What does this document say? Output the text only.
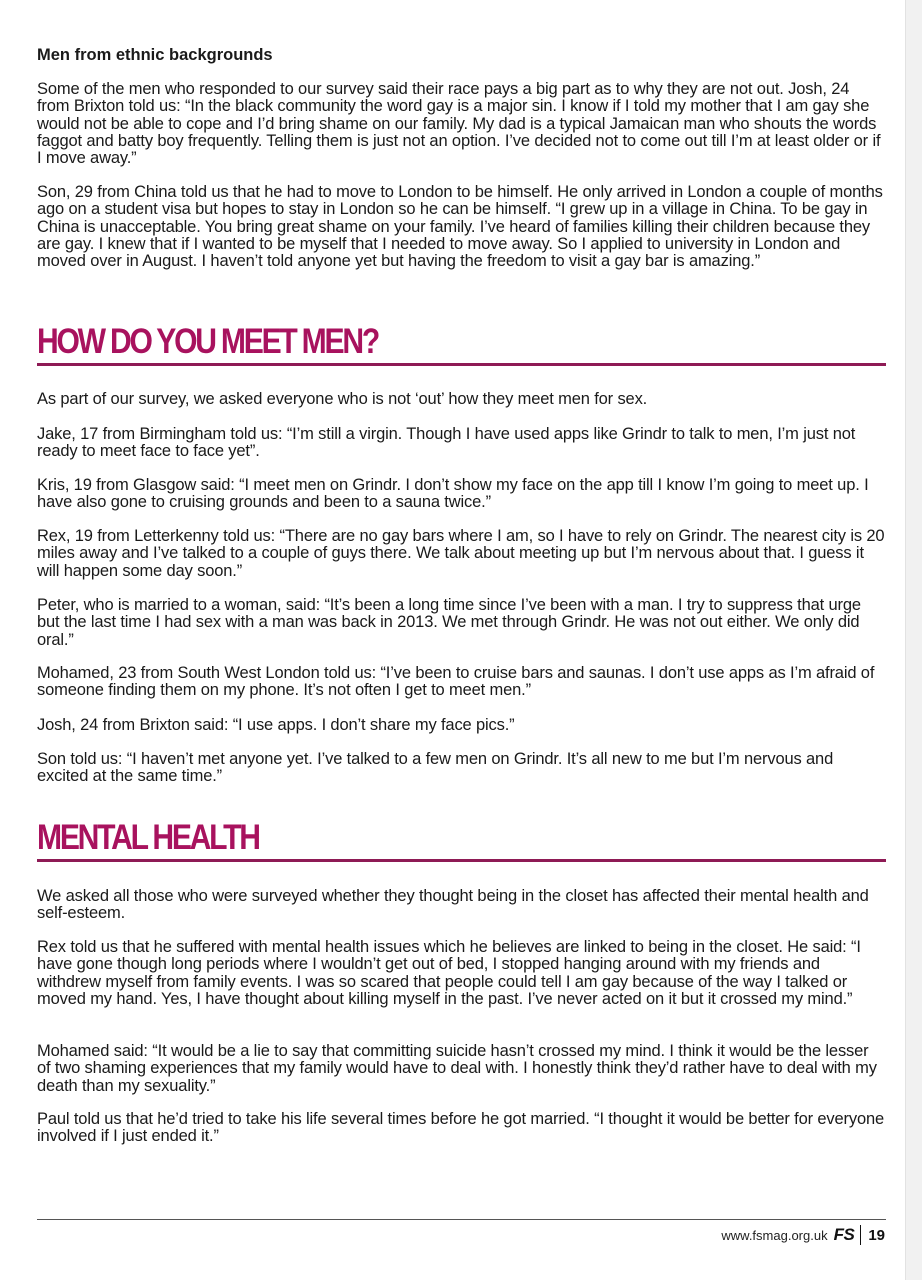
Men from ethnic backgrounds

Some of the men who responded to our survey said their race pays a big part as to why they are not out. Josh, 24 from Brixton told us: “In the black community the word gay is a major sin. I know if I told my mother that I am gay she would not be able to cope and I’d bring shame on our family. My dad is a typical Jamaican man who shouts the words faggot and batty boy frequently. Telling them is just not an option. I’ve decided not to come out till I’m at least older or if I move away.”

Son, 29 from China told us that he had to move to London to be himself. He only arrived in London a couple of months ago on a student visa but hopes to stay in London so he can be himself. “I grew up in a village in China. To be gay in China is unacceptable. You bring great shame on your family. I’ve heard of families killing their children because they are gay. I knew that if I wanted to be myself that I needed to move away. So I applied to university in London and moved over in August. I haven’t told anyone yet but having the freedom to visit a gay bar is amazing.”

HOW DO YOU MEET MEN?

As part of our survey, we asked everyone who is not ‘out’ how they meet men for sex.

Jake, 17 from Birmingham told us: “I’m still a virgin. Though I have used apps like Grindr to talk to men, I’m just not ready to meet face to face yet”.

Kris, 19 from Glasgow said: “I meet men on Grindr. I don’t show my face on the app till I know I’m going to meet up. I have also gone to cruising grounds and been to a sauna twice.”

Rex, 19 from Letterkenny told us: “There are no gay bars where I am, so I have to rely on Grindr. The nearest city is 20 miles away and I’ve talked to a couple of guys there. We talk about meeting up but I’m nervous about that. I guess it will happen some day soon.”

Peter, who is married to a woman, said: “It’s been a long time since I’ve been with a man. I try to suppress that urge but the last time I had sex with a man was back in 2013. We met through Grindr. He was not out either. We only did oral.”

Mohamed, 23 from South West London told us: “I’ve been to cruise bars and saunas. I don’t use apps as I’m afraid of someone finding them on my phone. It’s not often I get to meet men.”

Josh, 24 from Brixton said: “I use apps. I don’t share my face pics.”

Son told us: “I haven’t met anyone yet. I’ve talked to a few men on Grindr. It’s all new to me but I’m nervous and excited at the same time.”

MENTAL HEALTH

We asked all those who were surveyed whether they thought being in the closet has affected their mental health and self-esteem.

Rex told us that he suffered with mental health issues which he believes are linked to being in the closet. He said: “I have gone though long periods where I wouldn’t get out of bed, I stopped hanging around with my friends and withdrew myself from family events. I was so scared that people could tell I am gay because of the way I talked or moved my hand. Yes, I have thought about killing myself in the past. I’ve never acted on it but it crossed my mind.”

Mohamed said: “It would be a lie to say that committing suicide hasn’t crossed my mind. I think it would be the lesser of two shaming experiences that my family would have to deal with. I honestly think they’d rather have to deal with my death than my sexuality.”

Paul told us that he’d tried to take his life several times before he got married. “I thought it would be better for everyone involved if I just ended it.”

www.fsmag.org.uk FS 19
